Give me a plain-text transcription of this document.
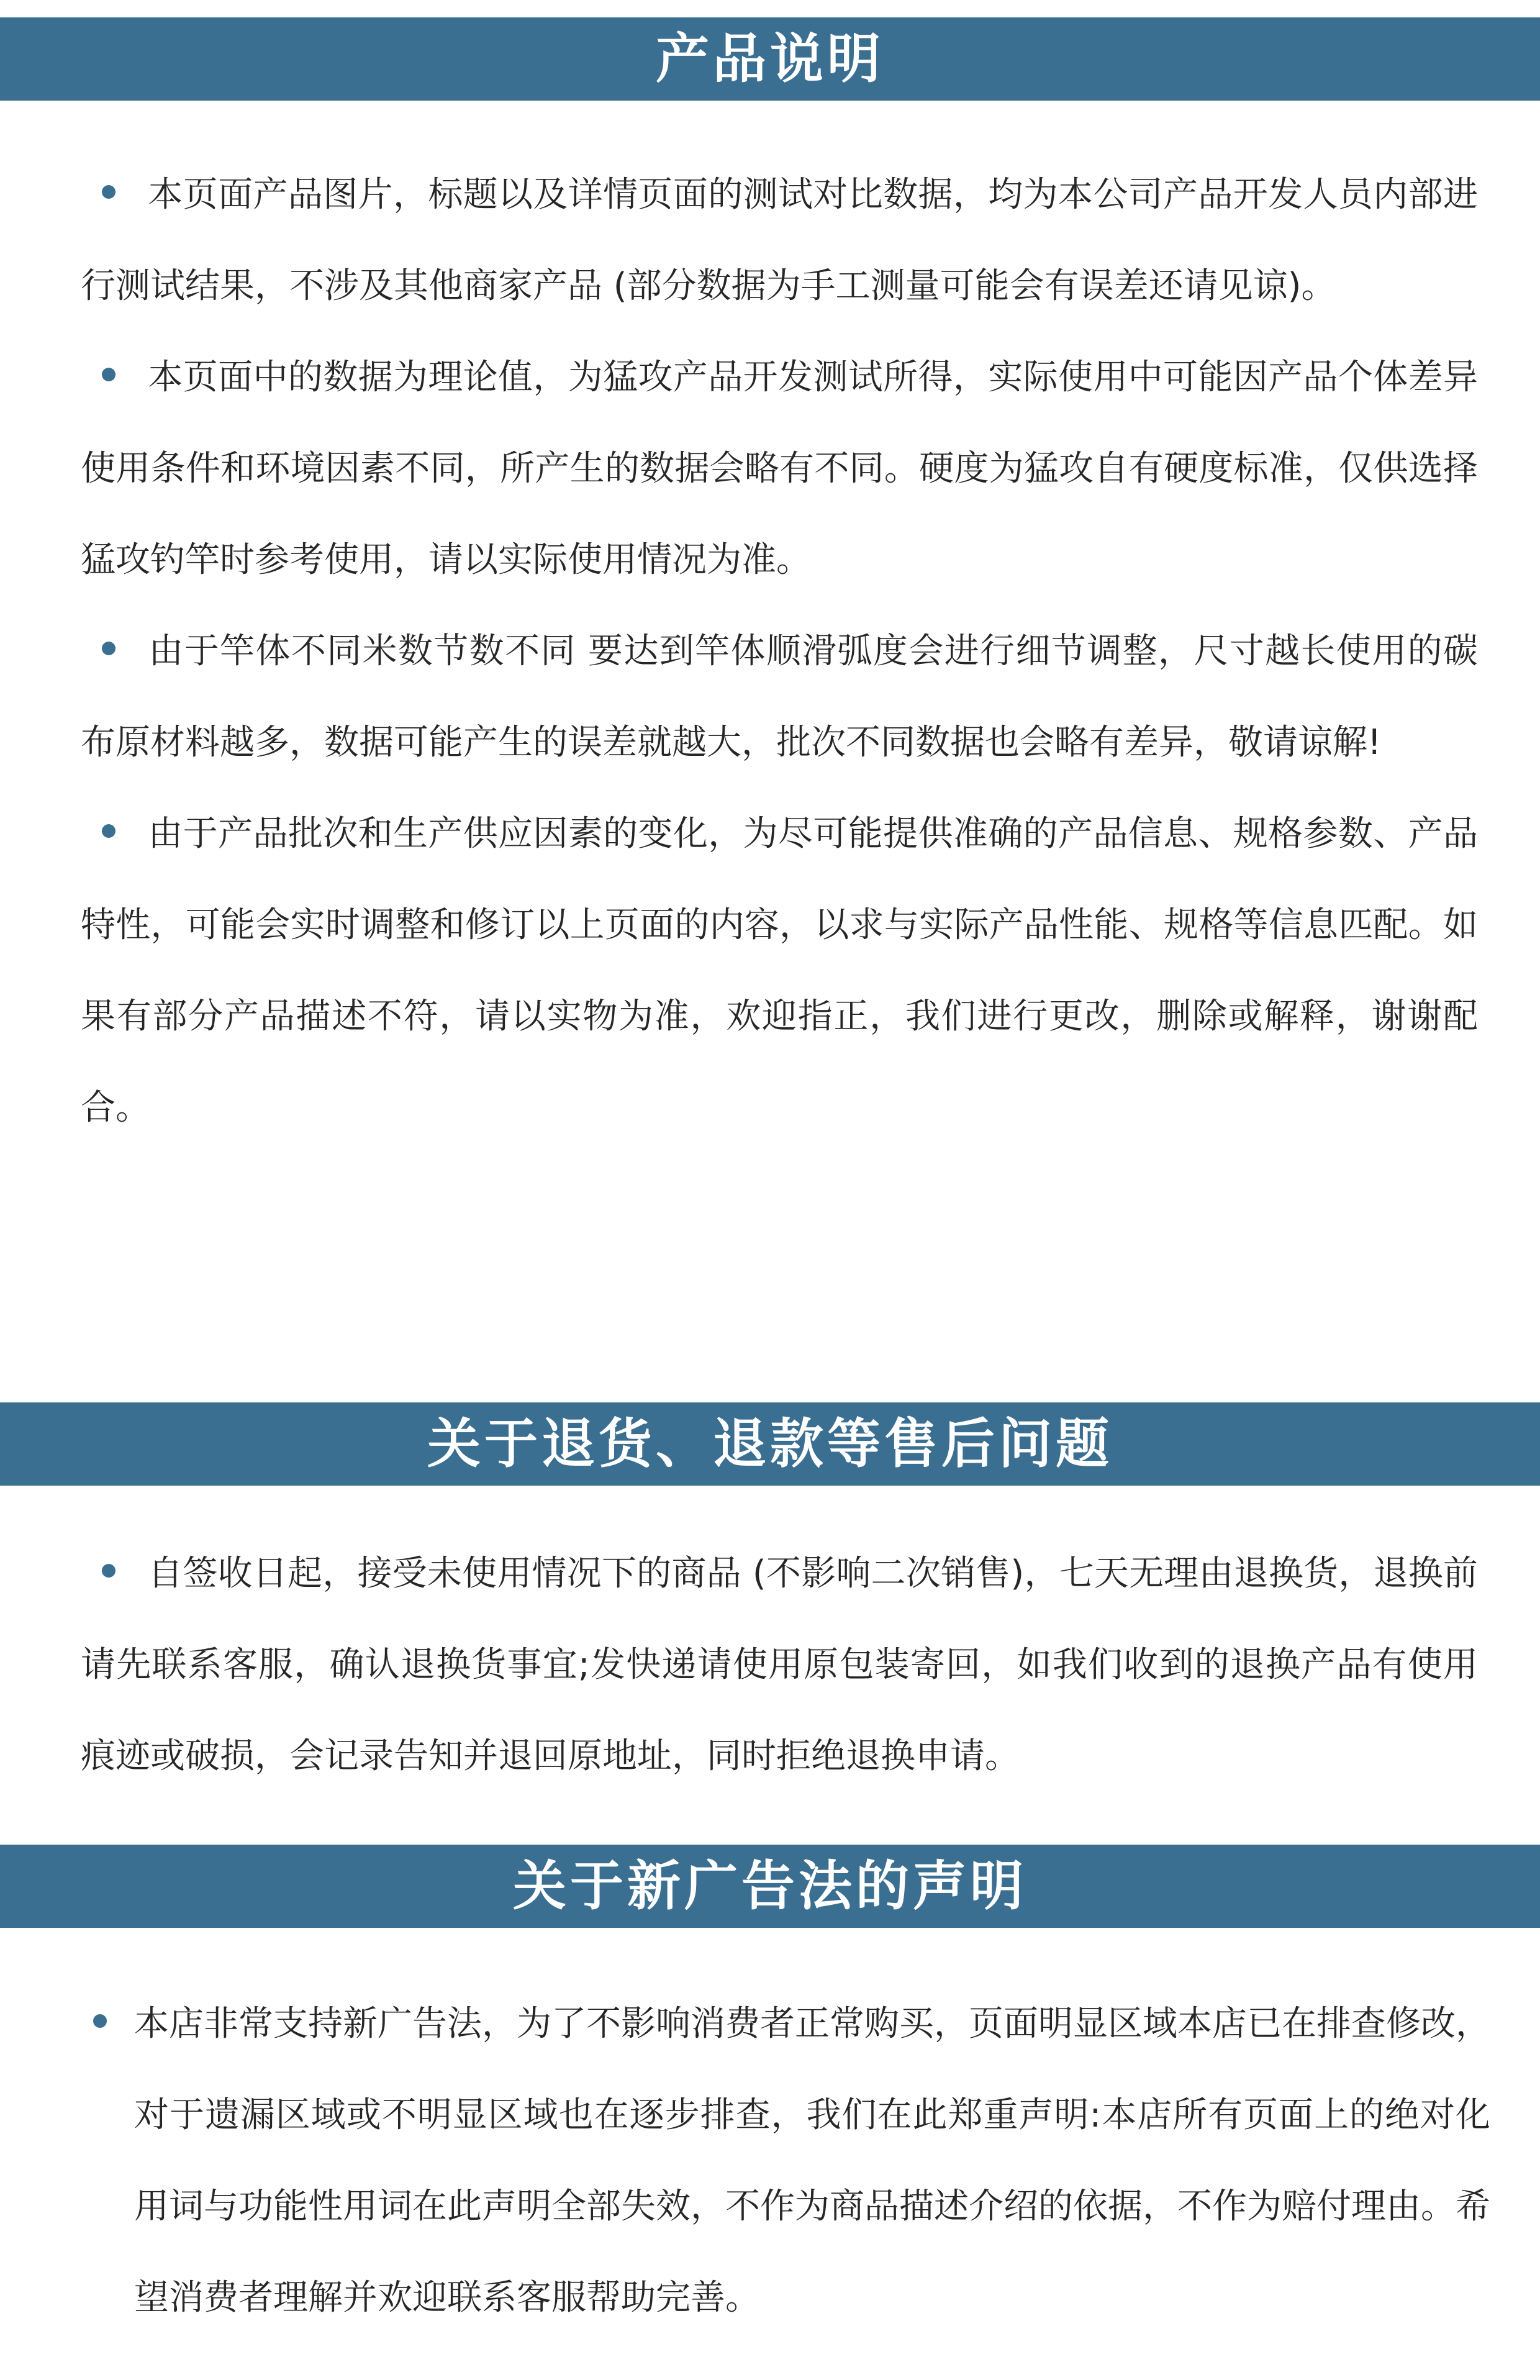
产品说明

本页面产品图片，标题以及详情页面的测试对比数据，均为本公司产品开发人员内部进行测试结果，不涉及其他商家产品 (部分数据为手工测量可能会有误差还请见谅)。

本页面中的数据为理论值，为猛攻产品开发测试所得，实际使用中可能因产品个体差异使用条件和环境因素不同，所产生的数据会略有不同。硬度为猛攻自有硬度标准，仅供选择猛攻钓竿时参考使用，请以实际使用情况为准。

由于竿体不同米数节数不同 要达到竿体顺滑弧度会进行细节调整，尺寸越长使用的碳布原材料越多，数据可能产生的误差就越大，批次不同数据也会略有差异，敬请谅解!

由于产品批次和生产供应因素的变化，为尽可能提供准确的产品信息、规格参数、产品特性，可能会实时调整和修订以上页面的内容，以求与实际产品性能、规格等信息匹配。如果有部分产品描述不符，请以实物为准，欢迎指正，我们进行更改，删除或解释，谢谢配合。

关于退货、退款等售后问题

自签收日起，接受未使用情况下的商品 (不影响二次销售)，七天无理由退换货，退换前请先联系客服，确认退换货事宜;发快递请使用原包装寄回，如我们收到的退换产品有使用痕迹或破损，会记录告知并退回原地址，同时拒绝退换申请。

关于新广告法的声明

本店非常支持新广告法，为了不影响消费者正常购买，页面明显区域本店已在排查修改，对于遗漏区域或不明显区域也在逐步排查，我们在此郑重声明:本店所有页面上的绝对化用词与功能性用词在此声明全部失效，不作为商品描述介绍的依据，不作为赔付理由。希望消费者理解并欢迎联系客服帮助完善。
